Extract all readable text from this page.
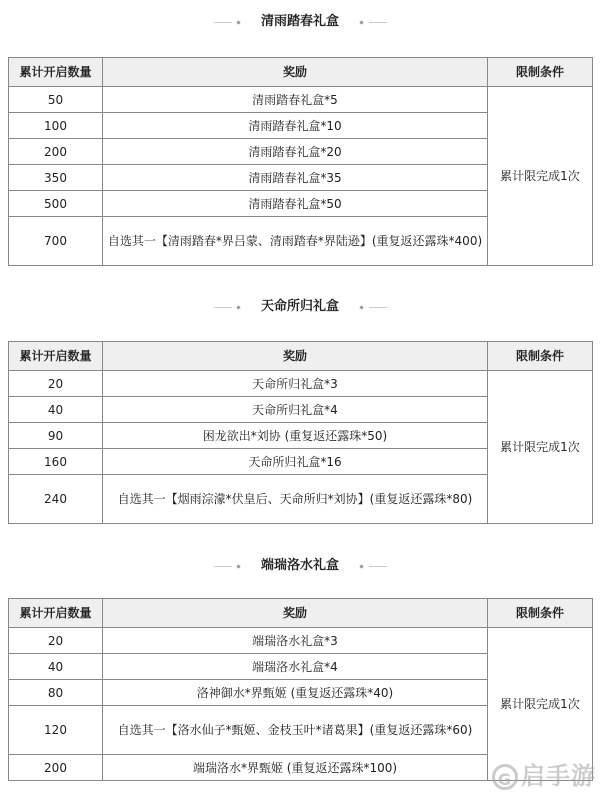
清雨踏春礼盒
累计开启数量	奖励	限制条件
50	清雨踏春礼盒*5	累计限完成1次
100	清雨踏春礼盒*10	
200	清雨踏春礼盒*20	
350	清雨踏春礼盒*35	
500	清雨踏春礼盒*50	
700	自选其一【清雨踏春*界吕蒙、清雨踏春*界陆逊】(重复返还露珠*400)	
天命所归礼盒
累计开启数量	奖励	限制条件
20	天命所归礼盒*3	累计限完成1次
40	天命所归礼盒*4	
90	困龙欲出*刘协 (重复返还露珠*50)	
160	天命所归礼盒*16	
240	自选其一【烟雨淙濛*伏皇后、天命所归*刘协】(重复返还露珠*80)	
端瑞洛水礼盒
累计开启数量	奖励	限制条件
20	端瑞洛水礼盒*3	累计限完成1次
40	端瑞洛水礼盒*4	
80	洛神御水*界甄姬 (重复返还露珠*40)	
120	自选其一【洛水仙子*甄姬、金枝玉叶*诸葛果】(重复返还露珠*60)	
200	端瑞洛水*界甄姬 (重复返还露珠*100)	
G 启手游
